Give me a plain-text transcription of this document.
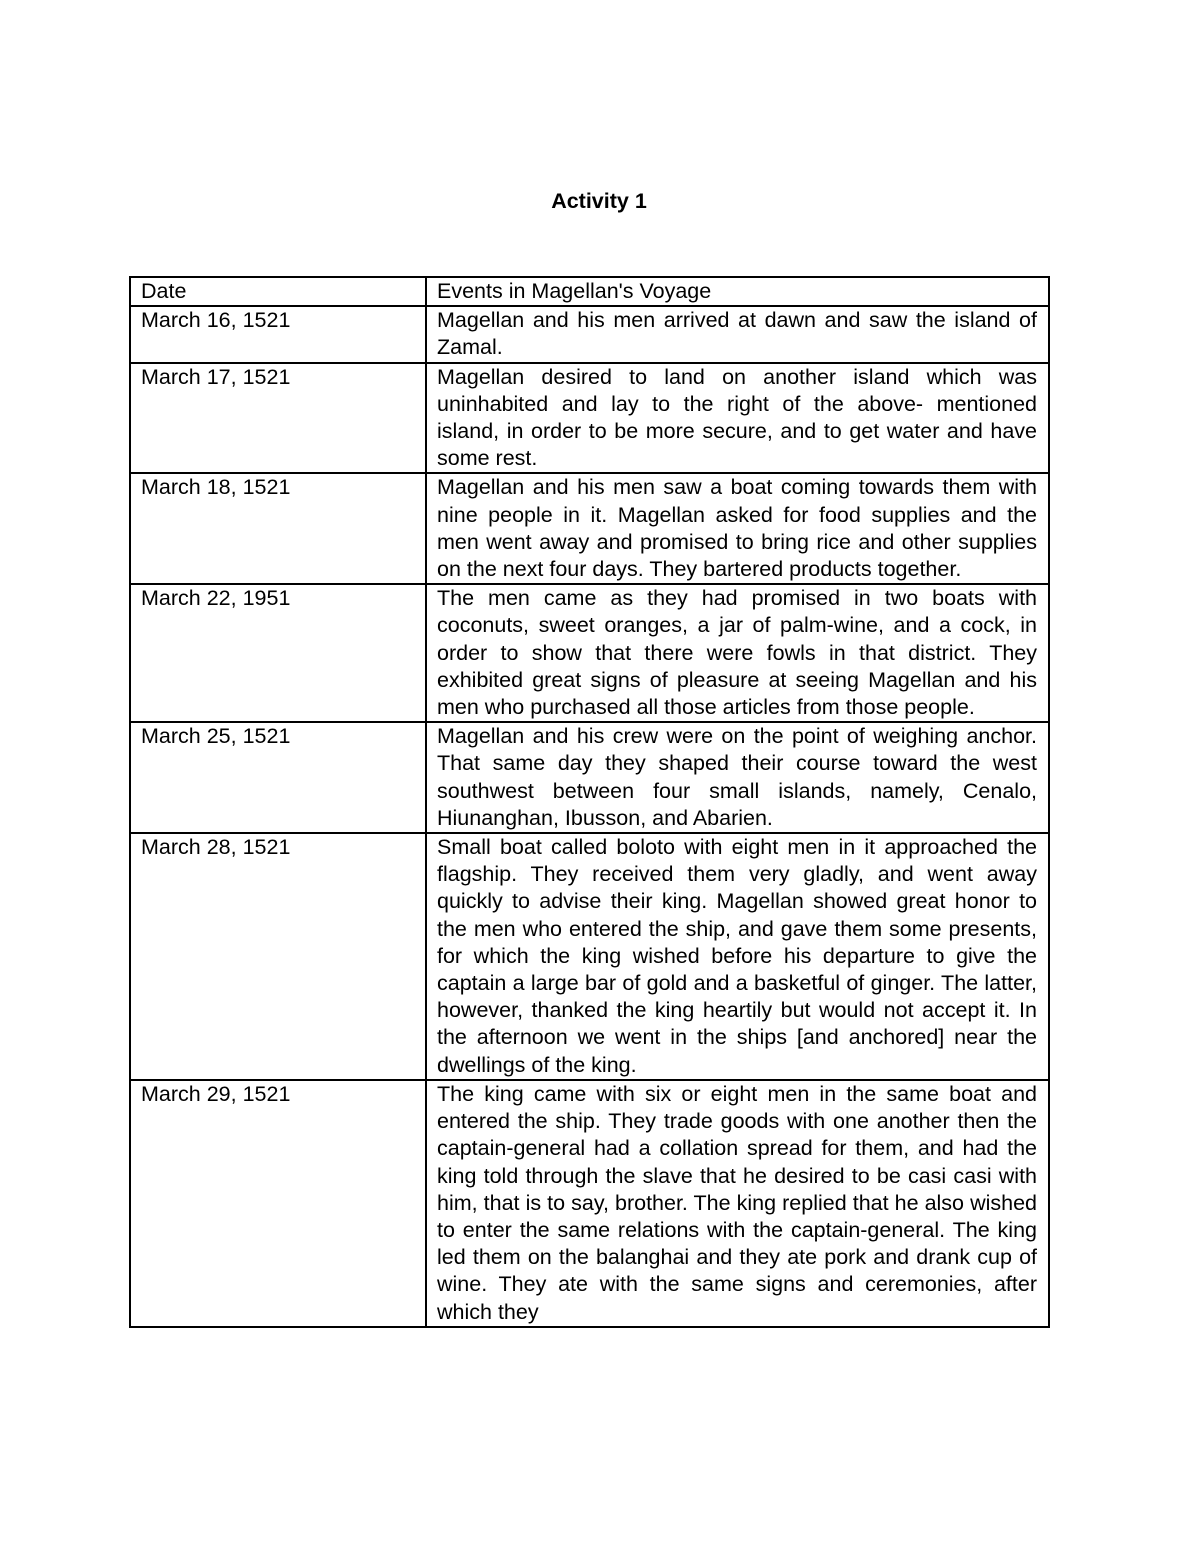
Activity 1
Date	Events in Magellan's Voyage
March 16, 1521	Magellan and his men arrived at dawn and saw the island of Zamal.
March 17, 1521	Magellan desired to land on another island which was uninhabited and lay to the right of the above- mentioned island, in order to be more secure, and to get water and have some rest.
March 18, 1521	Magellan and his men saw a boat coming towards them with nine people in it. Magellan asked for food supplies and the men went away and promised to bring rice and other supplies on the next four days. They bartered products together.
March 22, 1951	The men came as they had promised in two boats with coconuts, sweet oranges, a jar of palm-wine, and a cock, in order to show that there were fowls in that district. They exhibited great signs of pleasure at seeing Magellan and his men who purchased all those articles from those people.
March 25, 1521	Magellan and his crew were on the point of weighing anchor. That same day they shaped their course toward the west southwest between four small islands, namely, Cenalo, Hiunanghan, Ibusson, and Abarien.
March 28, 1521	Small boat called boloto with eight men in it approached the flagship. They received them very gladly, and went away quickly to advise their king. Magellan showed great honor to the men who entered the ship, and gave them some presents, for which the king wished before his departure to give the captain a large bar of gold and a basketful of ginger. The latter, however, thanked the king heartily but would not accept it. In the afternoon we went in the ships [and anchored] near the dwellings of the king.
March 29, 1521	The king came with six or eight men in the same boat and entered the ship. They trade goods with one another then the captain-general had a collation spread for them, and had the king told through the slave that he desired to be casi casi with him, that is to say, brother. The king replied that he also wished to enter the same relations with the captain-general. The king led them on the balanghai and they ate pork and drank cup of wine. They ate with the same signs and ceremonies, after which they
